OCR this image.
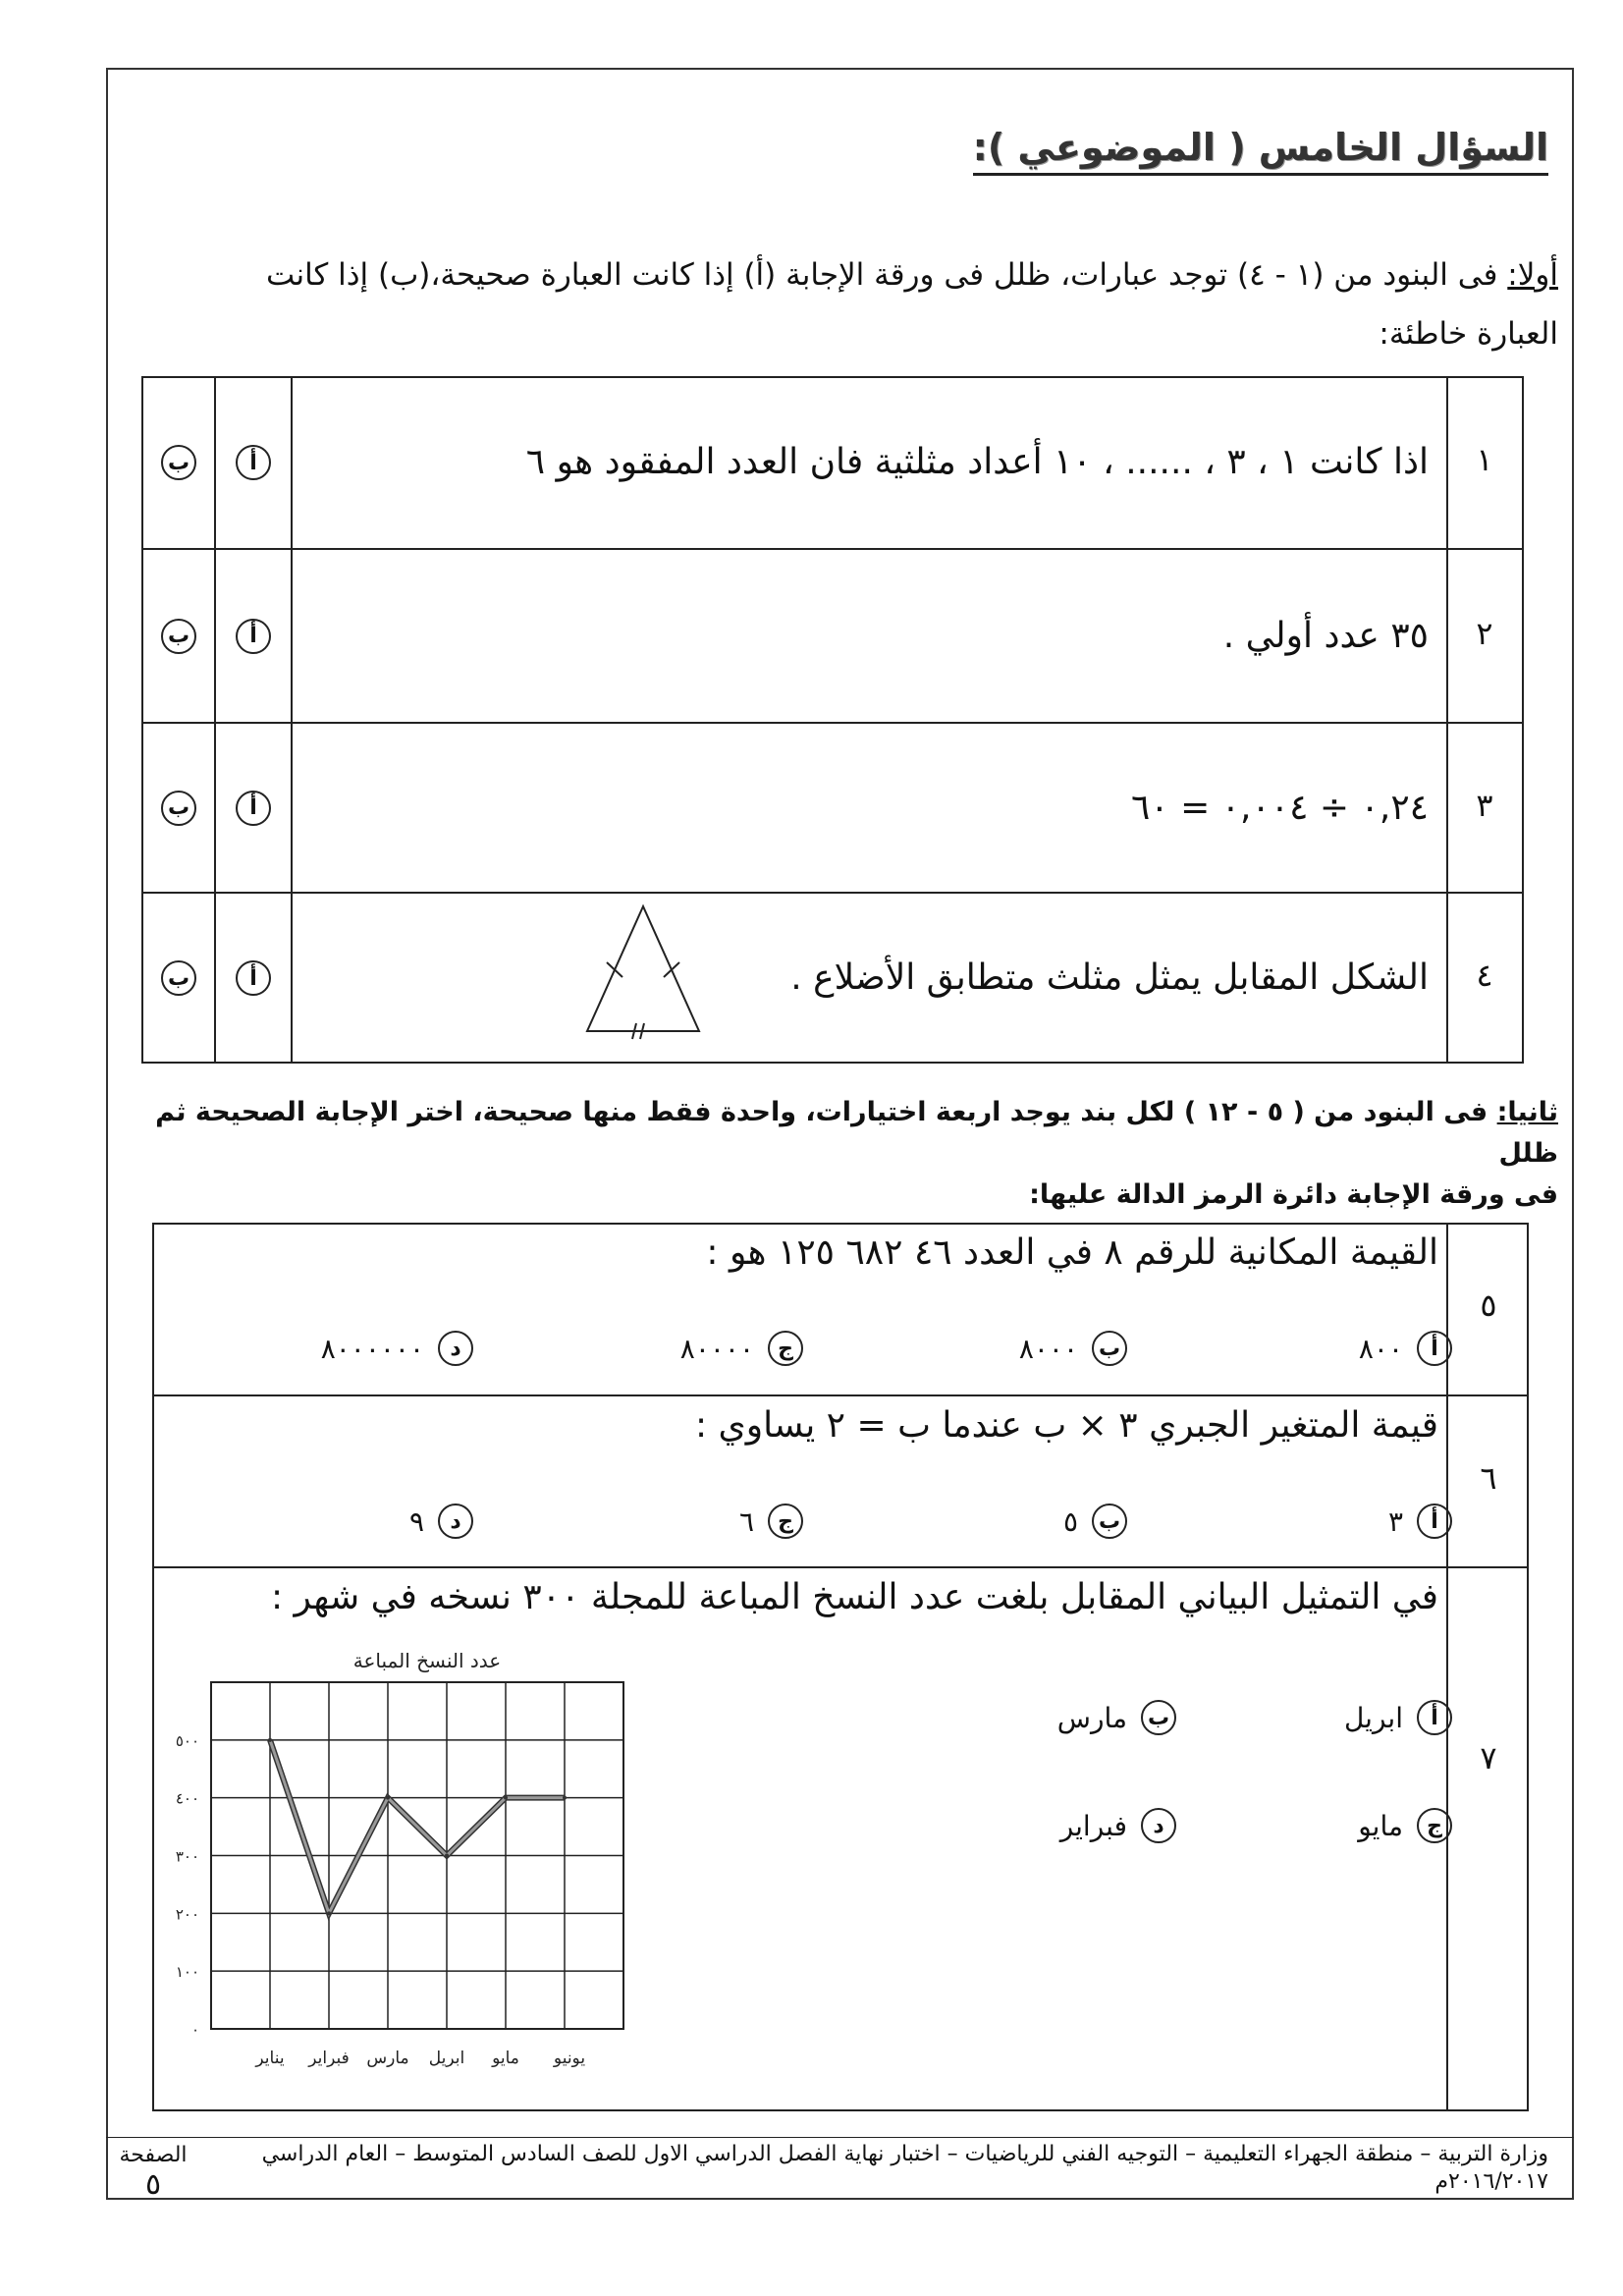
السؤال الخامس ( الموضوعي ):
أولا: فى البنود من (١ - ٤) توجد عبارات، ظلل فى ورقة الإجابة (أ) إذا كانت العبارة صحيحة،(ب) إذا كانت
العبارة خاطئة:
١
اذا كانت ١ ، ٣ ، ...... ، ١٠ أعداد مثلثية فان العدد المفقود هو ٦
أ
ب
٢
٣٥ عدد أولي .
أ
ب
٣
٠,٢٤ ÷ ٠,٠٠٤ = ٦٠
أ
ب
٤
الشكل المقابل يمثل مثلث متطابق الأضلاع .
أ
ب
ثانيا: فى البنود من ( ٥ - ١٢ ) لكل بند يوجد اربعة اختيارات، واحدة فقط منها صحيحة، اختر الإجابة الصحيحة ثم ظلل
فى ورقة الإجابة دائرة الرمز الدالة عليها:
٥
القيمة المكانية للرقم ٨ في العدد ٤٦ ٦٨٢ ١٢٥ هو :
أ
٨٠٠
ب
٨٠٠٠
ج
٨٠٠٠٠
د
٨٠٠٠٠٠٠
٦
قيمة المتغير الجبري ٣ × ب عندما ب = ٢ يساوي :
أ
٣
ب
٥
ج
٦
د
٩
٧
في التمثيل البياني المقابل بلغت عدد النسخ المباعة للمجلة ٣٠٠ نسخه في شهر :
أ
ابريل
ب
مارس
ج
مايو
د
فبراير
عدد النسخ المباعة
٠
١٠٠
٢٠٠
٣٠٠
٤٠٠
٥٠٠
يناير فبراير مارس ابريل مايو يونيو
وزارة التربية – منطقة الجهراء التعليمية – التوجيه الفني للرياضيات – اختبار نهاية الفصل الدراسي الاول للصف السادس المتوسط – العام الدراسي ٢٠١٦/٢٠١٧م
الصفحة
٥
